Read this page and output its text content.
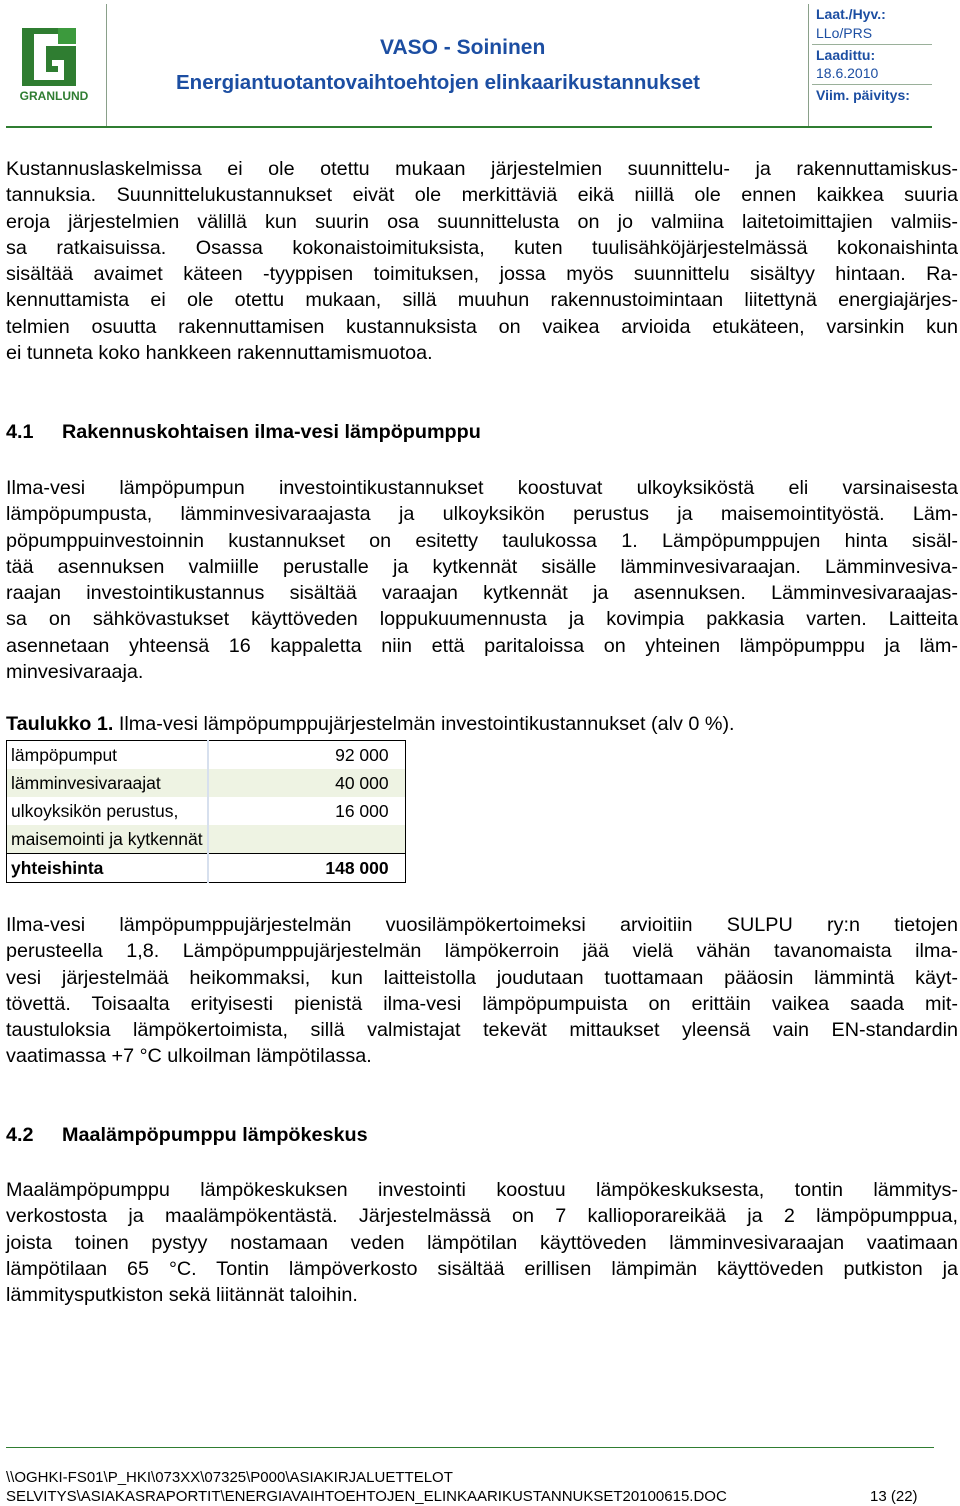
GRANLUND
VASO - Soininen
Energiantuotantovaihtoehtojen elinkaarikustannukset
Laat./Hyv.:
LLo/PRS
Laadittu:
18.6.2010
Viim. päivitys:
Kustannuslaskelmissa ei ole otettu mukaan järjestelmien suunnittelu- ja rakennuttamiskus-
tannuksia. Suunnittelukustannukset eivät ole merkittäviä eikä niillä ole ennen kaikkea suuria
eroja järjestelmien välillä kun suurin osa suunnittelusta on jo valmiina laitetoimittajien valmiis-
sa ratkaisuissa. Osassa kokonaistoimituksista, kuten tuulisähköjärjestelmässä kokonaishinta
sisältää avaimet käteen -tyyppisen toimituksen, jossa myös suunnittelu sisältyy hintaan. Ra-
kennuttamista ei ole otettu mukaan, sillä muuhun rakennustoimintaan liitettynä energiajärjes-
telmien osuutta rakennuttamisen kustannuksista on vaikea arvioida etukäteen, varsinkin kun
ei tunneta koko hankkeen rakennuttamismuotoa.
4.1 Rakennuskohtaisen ilma-vesi lämpöpumppu
Ilma-vesi lämpöpumpun investointikustannukset koostuvat ulkoyksiköstä eli varsinaisesta
lämpöpumpusta, lämminvesivaraajasta ja ulkoyksikön perustus ja maisemointityöstä. Läm-
pöpumppuinvestoinnin kustannukset on esitetty taulukossa 1. Lämpöpumppujen hinta sisäl-
tää asennuksen valmiille perustalle ja kytkennät sisälle lämminvesivaraajan. Lämminvesiva-
raajan investointikustannus sisältää varaajan kytkennät ja asennuksen. Lämminvesivaraajas-
sa on sähkövastukset käyttöveden loppukuumennusta ja kovimpia pakkasia varten. Laitteita
asennetaan yhteensä 16 kappaletta niin että paritaloissa on yhteinen lämpöpumppu ja läm-
minvesivaraaja.
Taulukko 1. Ilma-vesi lämpöpumppujärjestelmän investointikustannukset (alv 0 %).
lämpöpumput	92 000
lämminvesivaraajat	40 000
ulkoyksikön perustus,	16 000
maisemointi ja kytkennät	
yhteishinta	148 000
Ilma-vesi lämpöpumppujärjestelmän vuosilämpökertoimeksi arvioitiin SULPU ry:n tietojen
perusteella 1,8. Lämpöpumppujärjestelmän lämpökerroin jää vielä vähän tavanomaista ilma-
vesi järjestelmää heikommaksi, kun laitteistolla joudutaan tuottamaan pääosin lämmintä käyt-
tövettä. Toisaalta erityisesti pienistä ilma-vesi lämpöpumpuista on erittäin vaikea saada mit-
taustuloksia lämpökertoimista, sillä valmistajat tekevät mittaukset yleensä vain EN-standardin
vaatimassa +7 °C ulkoilman lämpötilassa.
4.2 Maalämpöpumppu lämpökeskus
Maalämpöpumppu lämpökeskuksen investointi koostuu lämpökeskuksesta, tontin lämmitys-
verkostosta ja maalämpökentästä. Järjestelmässä on 7 kallioporareikää ja 2 lämpöpumppua,
joista toinen pystyy nostamaan veden lämpötilan käyttöveden lämminvesivaraajan vaatimaan
lämpötilaan 65 °C. Tontin lämpöverkosto sisältää erillisen lämpimän käyttöveden putkiston ja
lämmitysputkiston sekä liitännät taloihin.
\\OGHKI-FS01\P_HKI\073XX\07325\P000\ASIAKIRJALUETTELOT
SELVITYS\ASIAKASRAPORTIT\ENERGIAVAIHTOEHTOJEN_ELINKAARIKUSTANNUKSET20100615.DOC	13 (22)
